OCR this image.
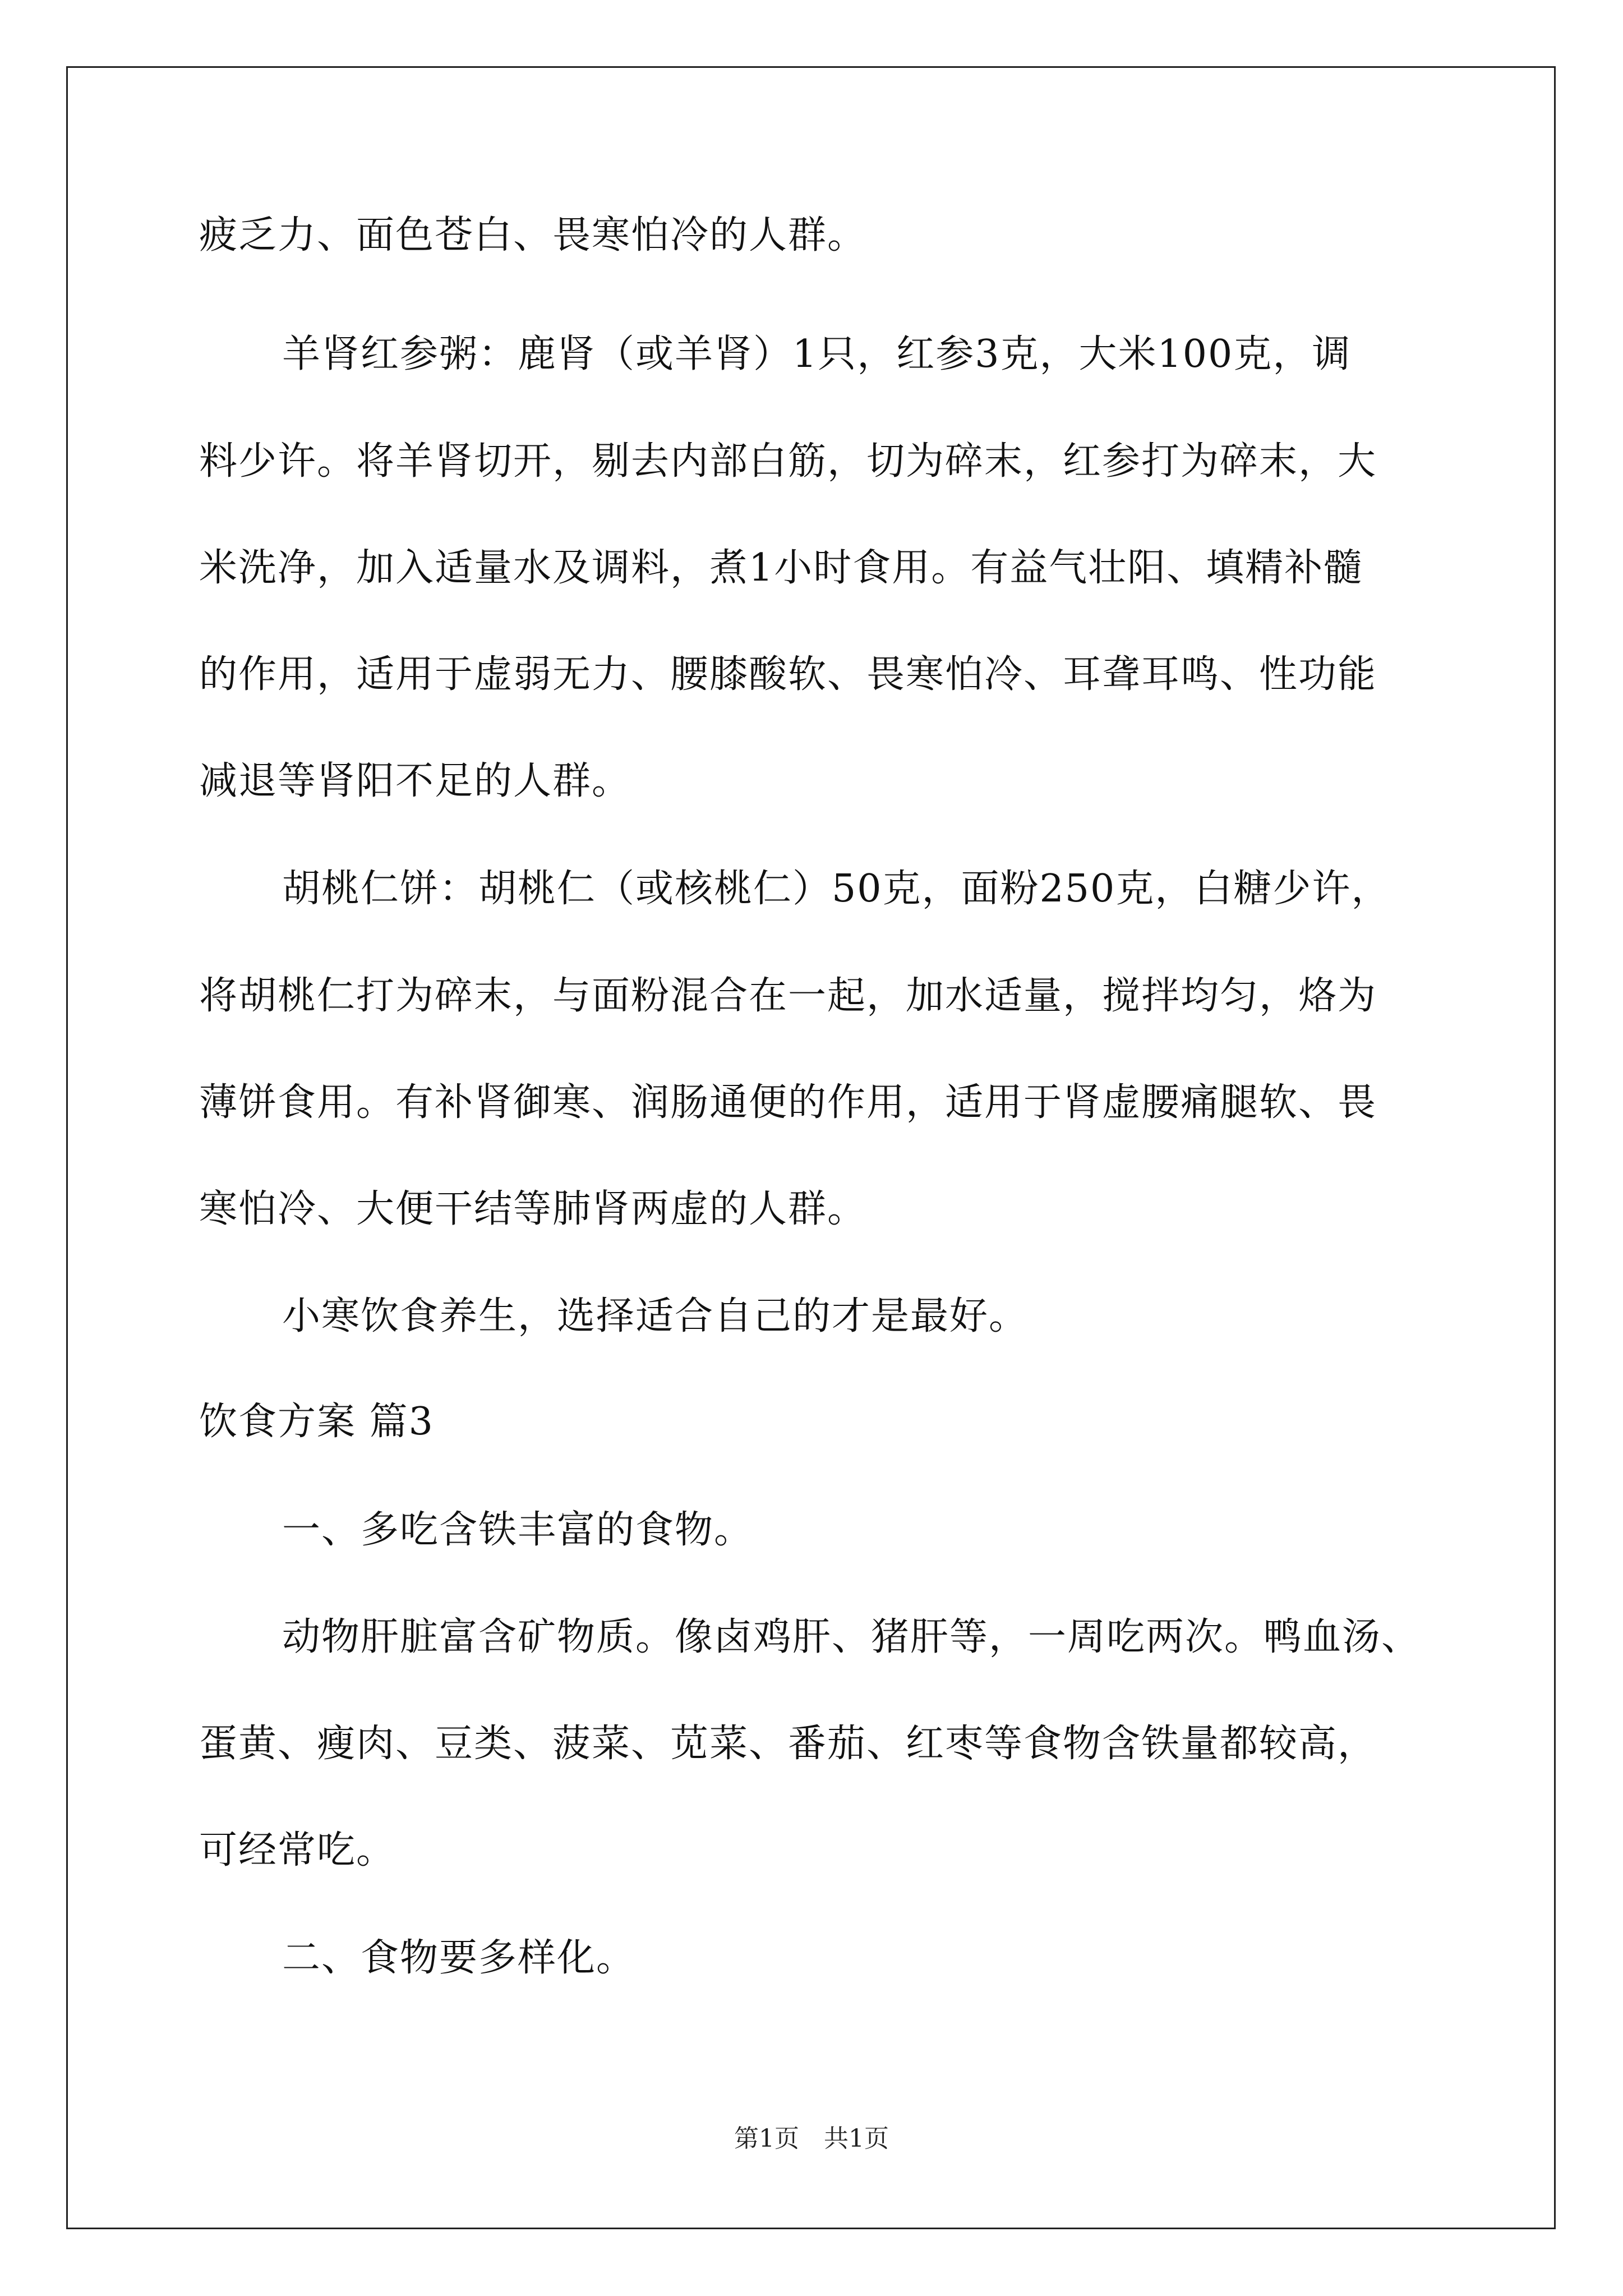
疲乏力、面色苍白、畏寒怕冷的人群。
羊肾红参粥：鹿肾（或羊肾）1只，红参3克，大米100克，调
料少许。将羊肾切开，剔去内部白筋，切为碎末，红参打为碎末，大
米洗净，加入适量水及调料，煮1小时食用。有益气壮阳、填精补髓
的作用，适用于虚弱无力、腰膝酸软、畏寒怕冷、耳聋耳鸣、性功能
减退等肾阳不足的人群。
胡桃仁饼：胡桃仁（或核桃仁）50克，面粉250克，白糖少许，
将胡桃仁打为碎末，与面粉混合在一起，加水适量，搅拌均匀，烙为
薄饼食用。有补肾御寒、润肠通便的作用，适用于肾虚腰痛腿软、畏
寒怕冷、大便干结等肺肾两虚的人群。
小寒饮食养生，选择适合自己的才是最好。
饮食方案 篇3
一、多吃含铁丰富的食物。
动物肝脏富含矿物质。像卤鸡肝、猪肝等，一周吃两次。鸭血汤、
蛋黄、瘦肉、豆类、菠菜、苋菜、番茄、红枣等食物含铁量都较高，
可经常吃。
二、食物要多样化。
第1页　共1页
